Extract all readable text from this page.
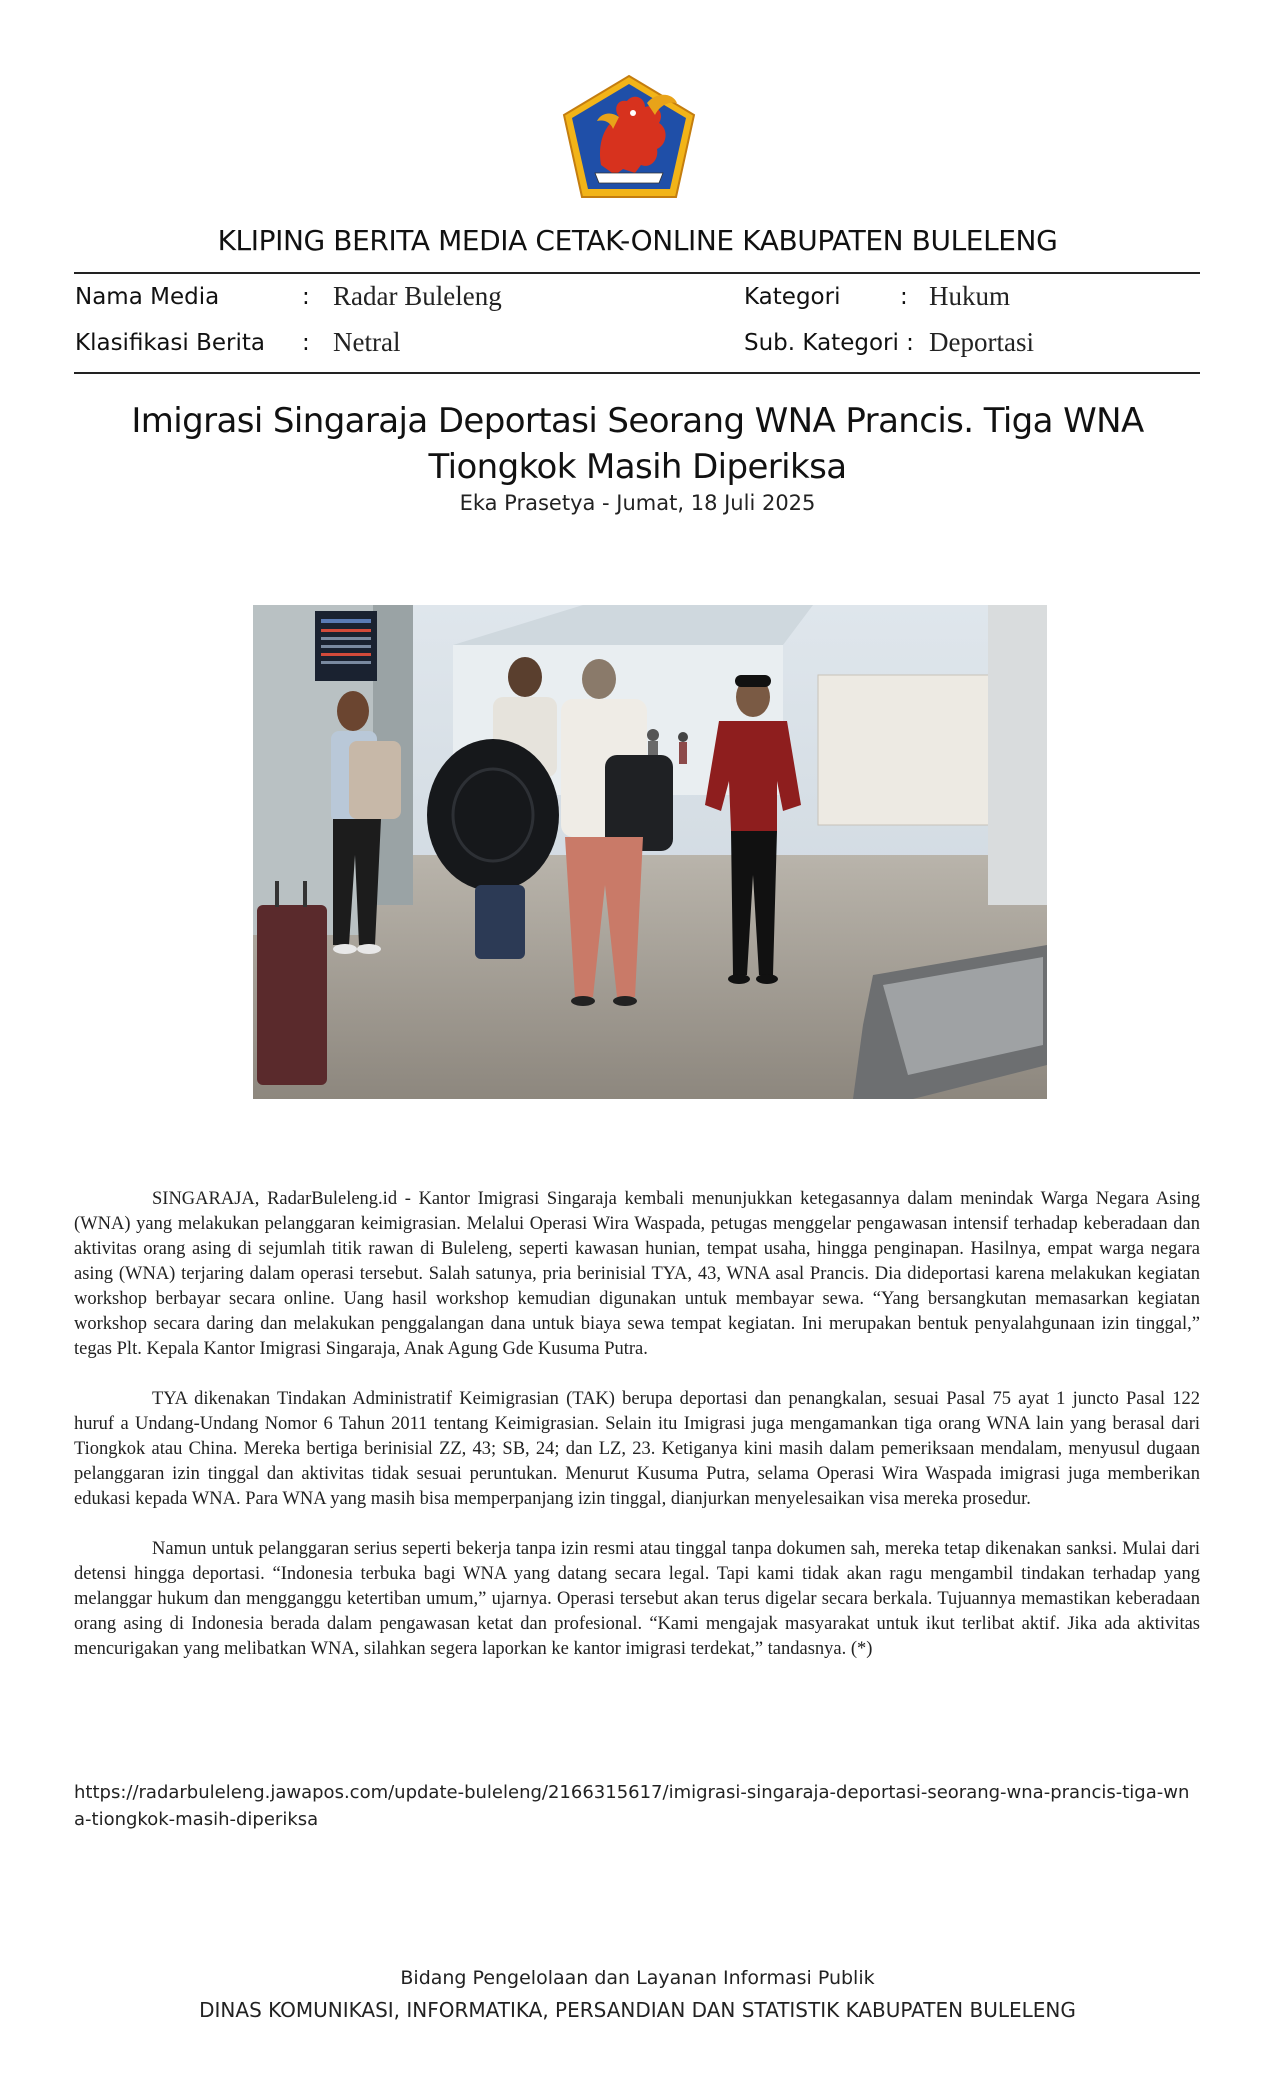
KLIPING BERITA MEDIA CETAK-ONLINE KABUPATEN BULELENG
Nama Media	: Radar Buleleng
Klasifikasi Berita : Netral
Kategori	: Hukum
Sub. Kategori : Deportasi
Imigrasi Singaraja Deportasi Seorang WNA Prancis. Tiga WNA Tiongkok Masih Diperiksa
Eka Prasetya - Jumat, 18 Juli 2025

SINGARAJA, RadarBuleleng.id - Kantor Imigrasi Singaraja kembali menunjukkan ketegasannya dalam menindak Warga Negara Asing (WNA) yang melakukan pelanggaran keimigrasian. Melalui Operasi Wira Waspada, petugas menggelar pengawasan intensif terhadap keberadaan dan aktivitas orang asing di sejumlah titik rawan di Buleleng, seperti kawasan hunian, tempat usaha, hingga penginapan. Hasilnya, empat warga negara asing (WNA) terjaring dalam operasi tersebut. Salah satunya, pria berinisial TYA, 43, WNA asal Prancis. Dia dideportasi karena melakukan kegiatan workshop berbayar secara online. Uang hasil workshop kemudian digunakan untuk membayar sewa. “Yang bersangkutan memasarkan kegiatan workshop secara daring dan melakukan penggalangan dana untuk biaya sewa tempat kegiatan. Ini merupakan bentuk penyalahgunaan izin tinggal,” tegas Plt. Kepala Kantor Imigrasi Singaraja, Anak Agung Gde Kusuma Putra.

TYA dikenakan Tindakan Administratif Keimigrasian (TAK) berupa deportasi dan penangkalan, sesuai Pasal 75 ayat 1 juncto Pasal 122 huruf a Undang-Undang Nomor 6 Tahun 2011 tentang Keimigrasian. Selain itu Imigrasi juga mengamankan tiga orang WNA lain yang berasal dari Tiongkok atau China. Mereka bertiga berinisial ZZ, 43; SB, 24; dan LZ, 23. Ketiganya kini masih dalam pemeriksaan mendalam, menyusul dugaan pelanggaran izin tinggal dan aktivitas tidak sesuai peruntukan. Menurut Kusuma Putra, selama Operasi Wira Waspada imigrasi juga memberikan edukasi kepada WNA. Para WNA yang masih bisa memperpanjang izin tinggal, dianjurkan menyelesaikan visa mereka prosedur.

Namun untuk pelanggaran serius seperti bekerja tanpa izin resmi atau tinggal tanpa dokumen sah, mereka tetap dikenakan sanksi. Mulai dari detensi hingga deportasi. “Indonesia terbuka bagi WNA yang datang secara legal. Tapi kami tidak akan ragu mengambil tindakan terhadap yang melanggar hukum dan mengganggu ketertiban umum,” ujarnya. Operasi tersebut akan terus digelar secara berkala. Tujuannya memastikan keberadaan orang asing di Indonesia berada dalam pengawasan ketat dan profesional. “Kami mengajak masyarakat untuk ikut terlibat aktif. Jika ada aktivitas mencurigakan yang melibatkan WNA, silahkan segera laporkan ke kantor imigrasi terdekat,” tandasnya. (*)

https://radarbuleleng.jawapos.com/update-buleleng/2166315617/imigrasi-singaraja-deportasi-seorang-wna-prancis-tiga-wna-tiongkok-masih-diperiksa
Bidang Pengelolaan dan Layanan Informasi Publik
DINAS KOMUNIKASI, INFORMATIKA, PERSANDIAN DAN STATISTIK KABUPATEN BULELENG
